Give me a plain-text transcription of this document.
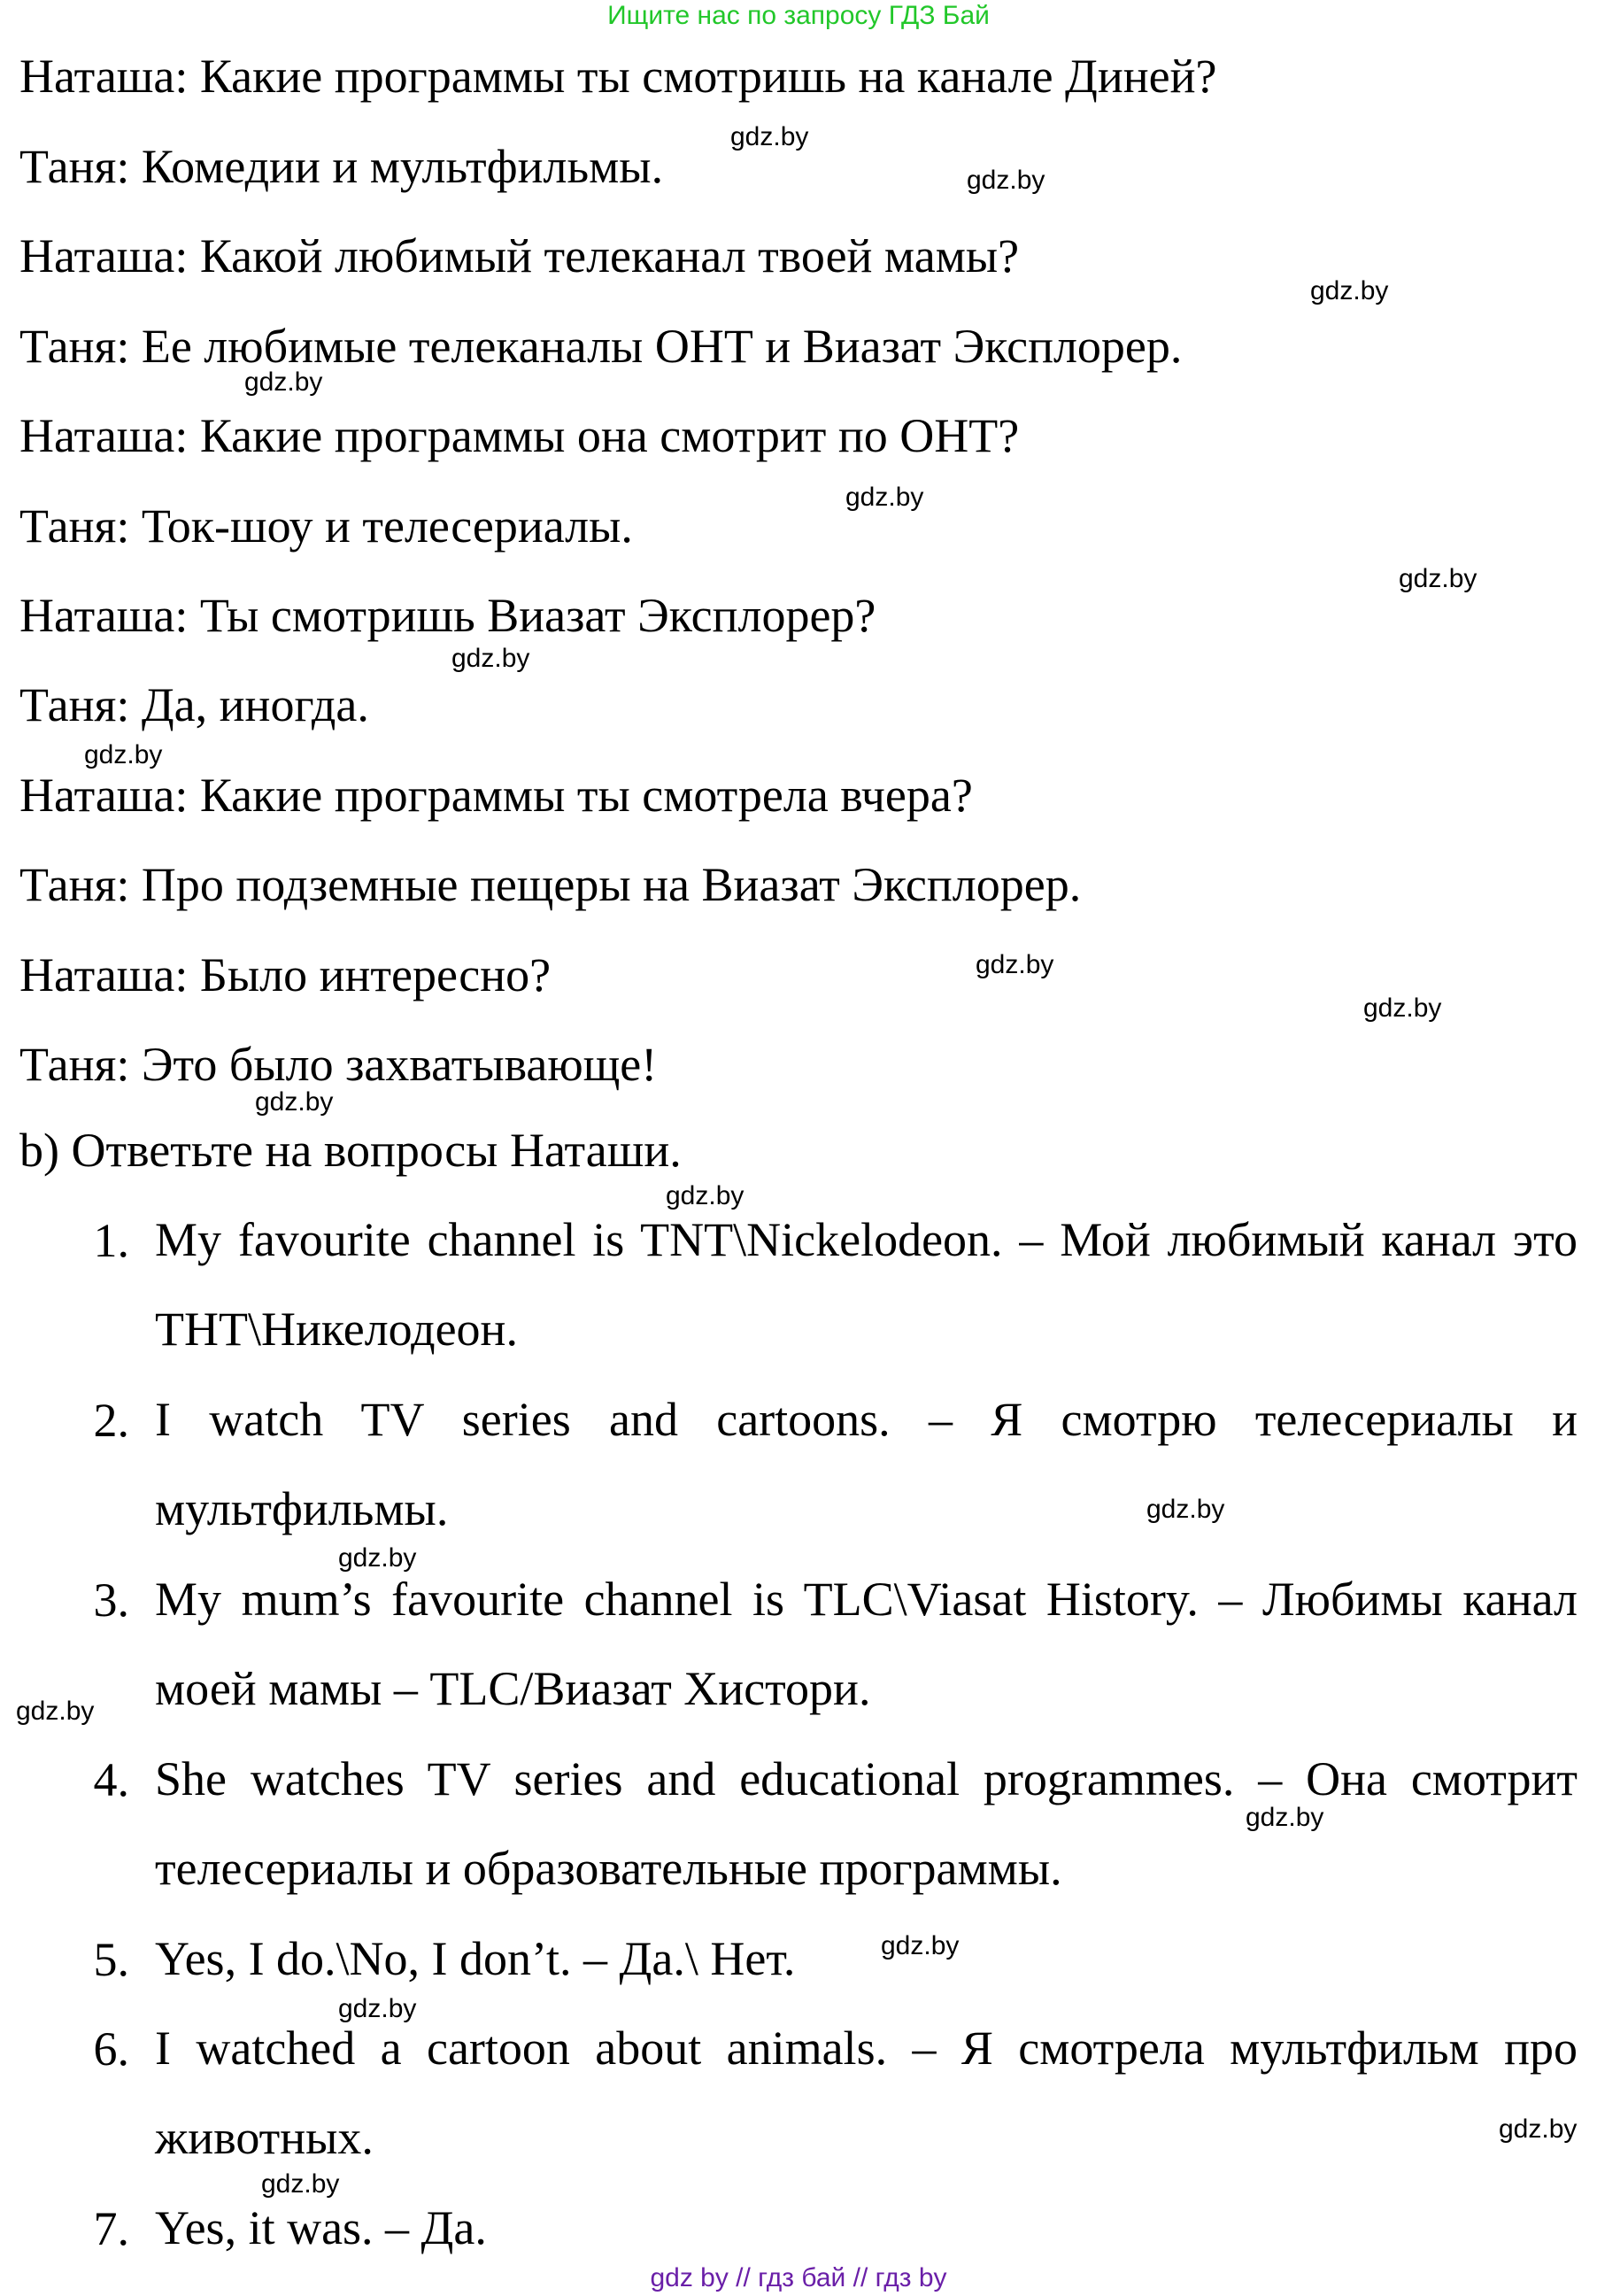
Ищите нас по запросу ГДЗ Бай

Наташа: Какие программы ты смотришь на канале Диней?

Таня: Комедии и мультфильмы.

Наташа: Какой любимый телеканал твоей мамы?

Таня: Ее любимые телеканалы ОНТ и Виазат Эксплорер.

Наташа: Какие программы она смотрит по ОНТ?

Таня: Ток-шоу и телесериалы.

Наташа: Ты смотришь Виазат Эксплорер?

Таня: Да, иногда.

Наташа: Какие программы ты смотрела вчера?

Таня: Про подземные пещеры на Виазат Эксплорер.

Наташа: Было интересно?

Таня: Это было захватывающе!

b) Ответьте на вопросы Наташи.

1. My favourite channel is TNT\Nickelodeon. – Мой любимый канал это ТНТ\Никелодеон.

2. I watch TV series and cartoons. – Я смотрю телесериалы и мультфильмы.

3. My mum’s favourite channel is TLC\Viasat History. – Любимы канал моей мамы – TLC/Виазат Хистори.

4. She watches TV series and educational programmes. – Она смотрит телесериалы и образовательные программы.

5. Yes, I do.\No, I don’t. – Да.\ Нет.

6. I watched a cartoon about animals. – Я смотрела мультфильм про животных.

7. Yes, it was. – Да.

gdz.by
gdz.by
gdz.by
gdz.by
gdz.by
gdz.by
gdz.by
gdz.by
gdz.by
gdz.by
gdz.by
gdz.by
gdz.by
gdz.by
gdz.by
gdz.by
gdz.by
gdz.by
gdz.by
gdz.by
gdz by // гдз бай // гдз by
